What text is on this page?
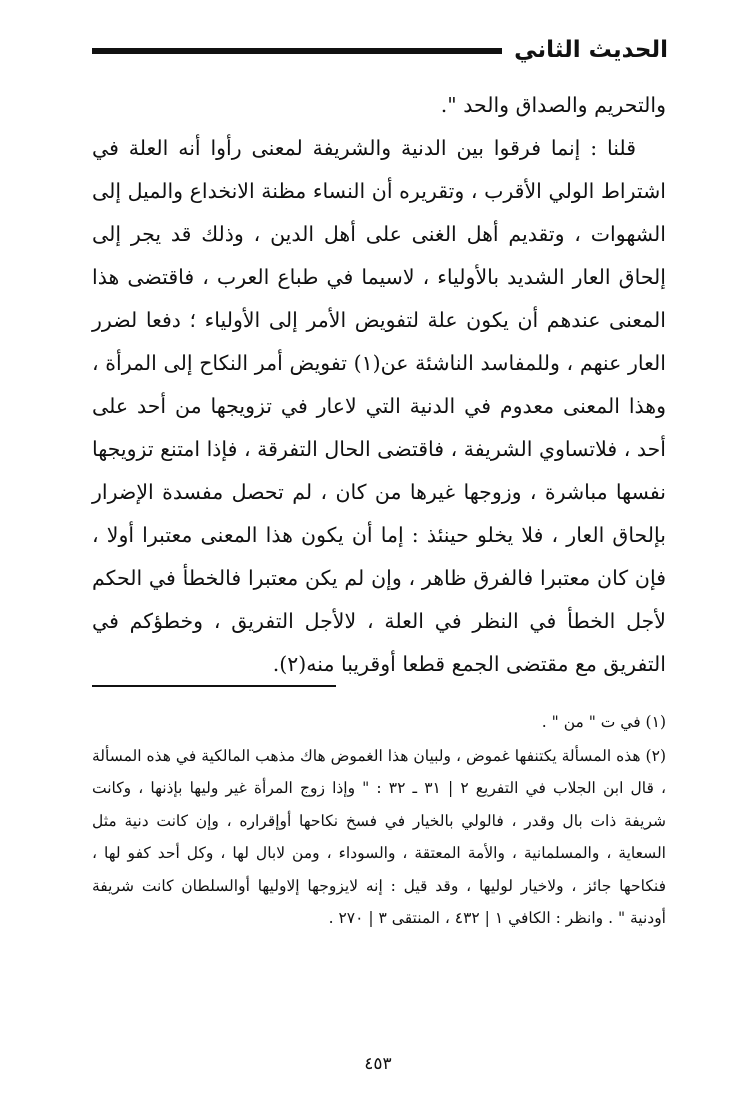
الحديث الثاني

والتحريم والصداق والحد ".

قلنا : إنما فرقوا بين الدنية والشريفة لمعنى رأوا أنه العلة في اشتراط الولي الأقرب ، وتقريره أن النساء مظنة الانخداع والميل إلى الشهوات ، وتقديم أهل الغنى على أهل الدين ، وذلك قد يجر إلى إلحاق العار الشديد بالأولياء ، لاسيما في طباع العرب ، فاقتضى هذا المعنى عندهم أن يكون علة لتفويض الأمر إلى الأولياء ؛ دفعا لضرر العار عنهم ، وللمفاسد الناشئة عن(١) تفويض أمر النكاح إلى المرأة ، وهذا المعنى معدوم في الدنية التي لاعار في تزويجها من أحد على أحد ، فلاتساوي الشريفة ، فاقتضى الحال التفرقة ، فإذا امتنع تزويجها نفسها مباشرة ، وزوجها غيرها من كان ، لم تحصل مفسدة الإضرار بإلحاق العار ، فلا يخلو حينئذ : إما أن يكون هذا المعنى معتبرا أولا ، فإن كان معتبرا فالفرق ظاهر ، وإن لم يكن معتبرا فالخطأ في الحكم لأجل الخطأ في النظر في العلة ، لالأجل التفريق ، وخطؤكم في التفريق مع مقتضى الجمع قطعا أوقريبا منه(٢).

(١) في ت " من " .

(٢) هذه المسألة يكتنفها غموض ، ولبيان هذا الغموض هاك مذهب المالكية في هذه المسألة ، قال ابن الجلاب في التفريع ٢ | ٣١ ـ ٣٢ : " وإذا زوج المرأة غير وليها بإذنها ، وكانت شريفة ذات بال وقدر ، فالولي بالخيار في فسخ نكاحها أوإقراره ، وإن كانت دنية مثل السعاية ، والمسلمانية ، والأمة المعتقة ، والسوداء ، ومن لابال لها ، وكل أحد كفو لها ، فنكاحها جائز ، ولاخيار لوليها ، وقد قيل : إنه لايزوجها إلاوليها أوالسلطان كانت شريفة أودنية " . وانظر : الكافي ١ | ٤٣٢ ، المنتقى ٣ | ٢٧٠ .

٤٥٣
